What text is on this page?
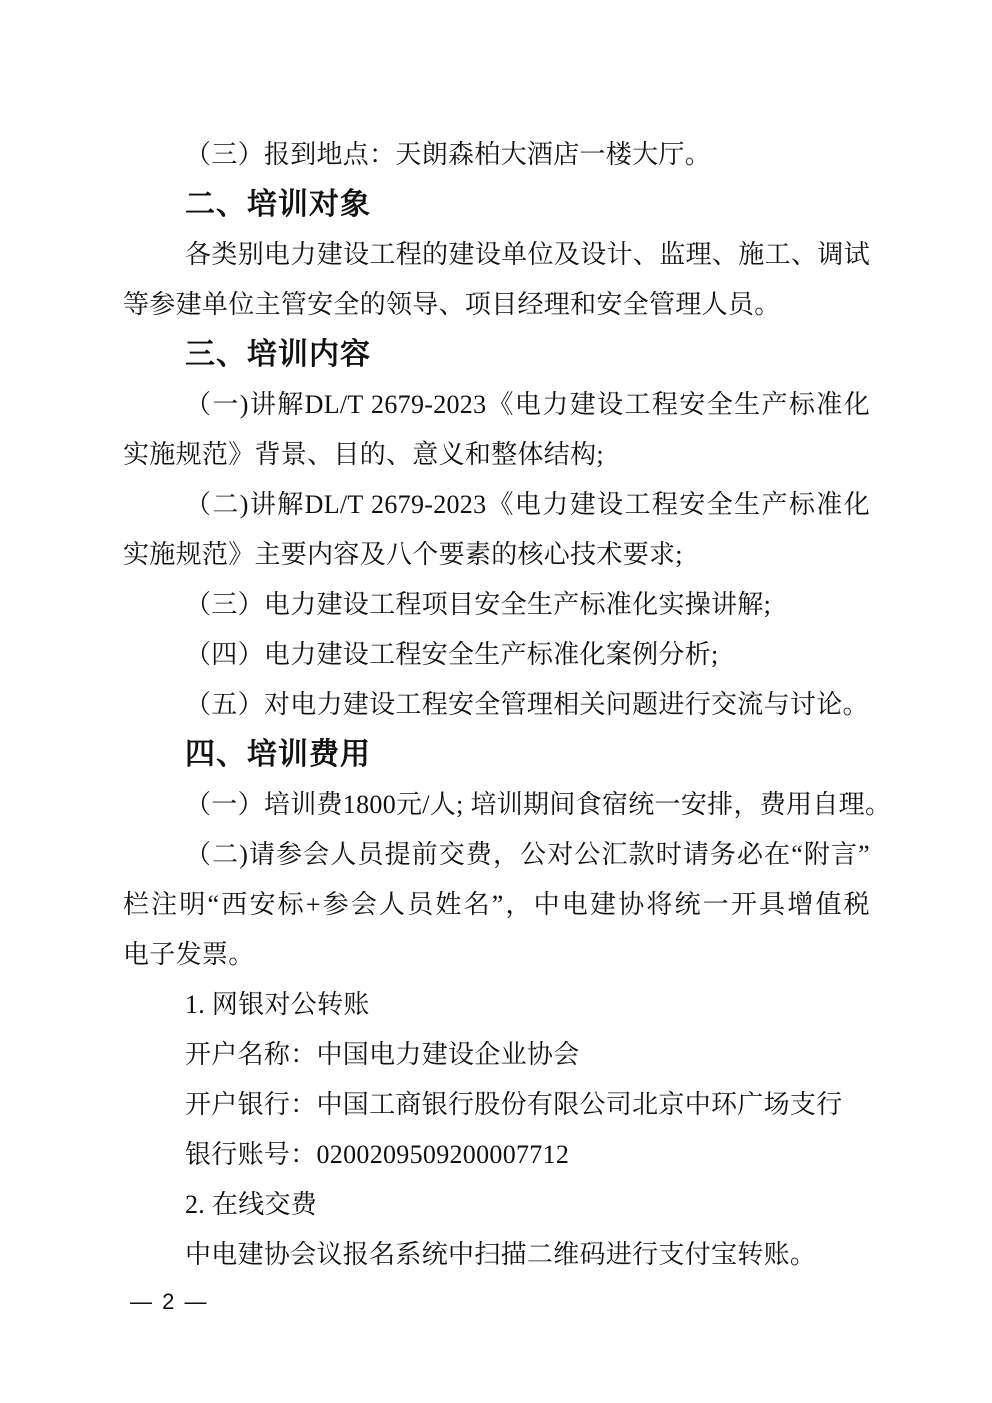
（三）报到地点：天朗森柏大酒店一楼大厅。
二、培训对象
各类别电力建设工程的建设单位及设计、监理、施工、调试
等参建单位主管安全的领导、项目经理和安全管理人员。
三、培训内容
（一)讲解DL/T 2679-2023《电力建设工程安全生产标准化
实施规范》背景、目的、意义和整体结构;
（二)讲解DL/T 2679-2023《电力建设工程安全生产标准化
实施规范》主要内容及八个要素的核心技术要求;
（三）电力建设工程项目安全生产标准化实操讲解;
（四）电力建设工程安全生产标准化案例分析;
（五）对电力建设工程安全管理相关问题进行交流与讨论。
四、培训费用
（一）培训费1800元/人; 培训期间食宿统一安排，费用自理。
（二)请参会人员提前交费，公对公汇款时请务必在“附言”
栏注明“西安标+参会人员姓名”，中电建协将统一开具增值税
电子发票。
1. 网银对公转账
开户名称：中国电力建设企业协会
开户银行：中国工商银行股份有限公司北京中环广场支行
银行账号：0200209509200007712
2. 在线交费
中电建协会议报名系统中扫描二维码进行支付宝转账。
— 2 —
